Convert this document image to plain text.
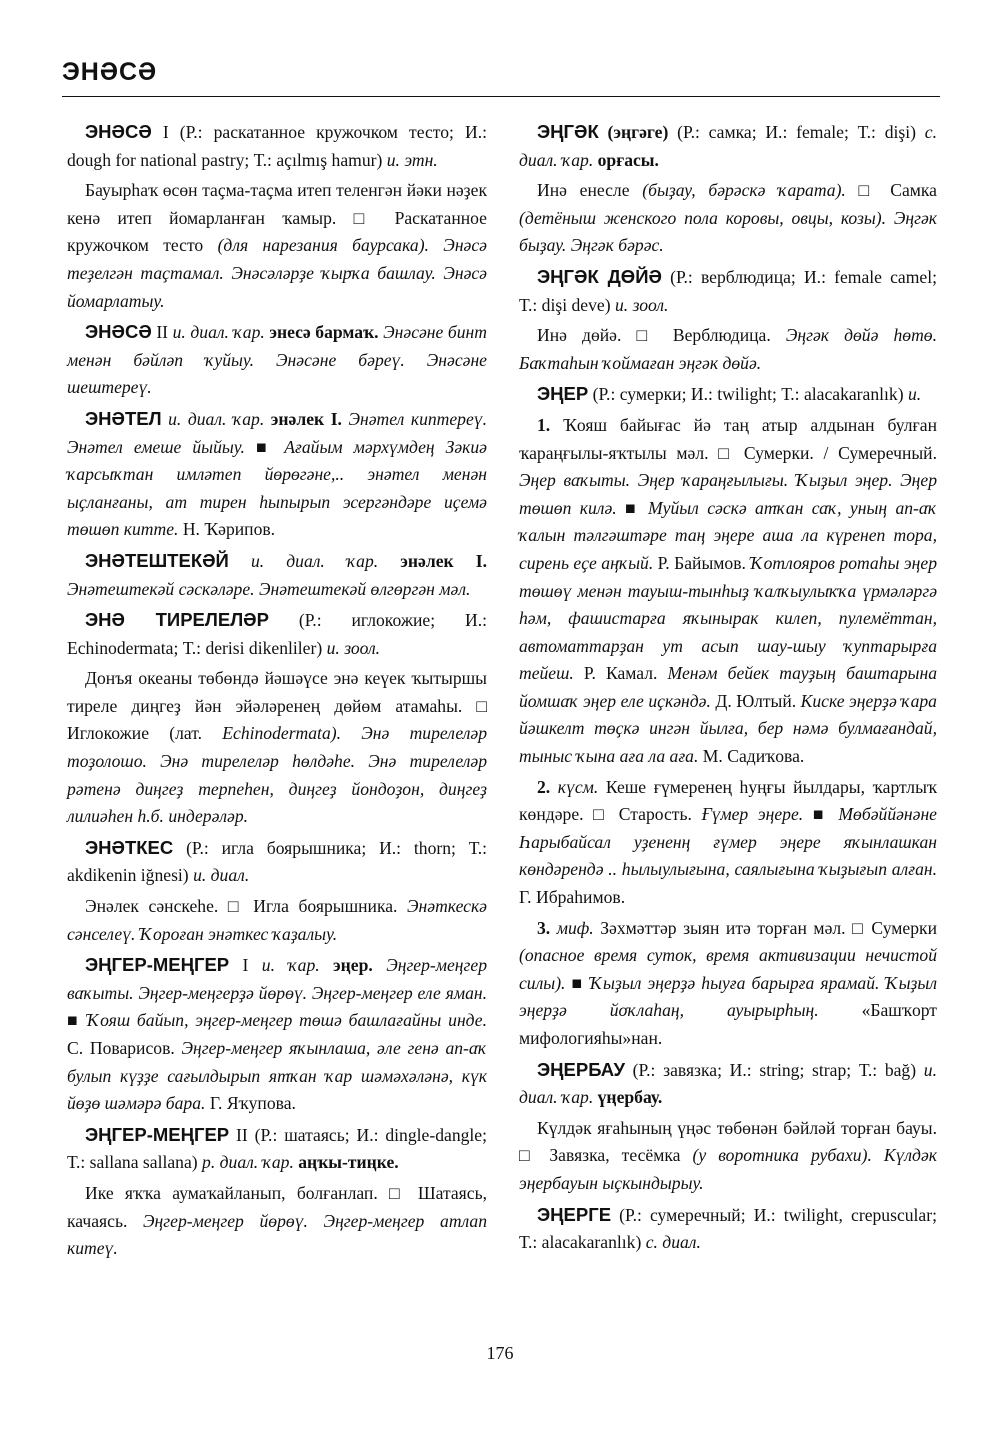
ЭНӘСӘ

ЭНӘСӘ I (Р.: раскатанное кружочком тесто; И.: dough for national pastry; Т.: açılmış hamur) и. этн.

Бауырһаҡ өсөн таҫма-таҫма итеп теленгән йәки нәҙек кенә итеп йомарланған ҡамыр. □ Раскатанное кружочком тесто (для нарезания баурсака). Энәсә теҙелгән таҫтамал. Энәсәләрҙе ҡырҡа башлау. Энәсә йомарлатыу.

ЭНӘСӘ II и. диал. ҡар. энесә бармаҡ. Энәсәне бинт менән бәйләп ҡуйыу. Энәсәне бәреү. Энәсәне шештереү.

ЭНӘТЕЛ и. диал. ҡар. энәлек I. Энәтел киптереү. Энәтел емеше йыйыу. ■ Ағайым мәрхүмдең Зәкиә ҡарсыҡтан имләтеп йөрөгәне,.. энәтел менән ыҫланғаны, ат тирен һыпырып эсергәндәре иҫемә төшөп китте. Н. Ҡәрипов.

ЭНӘТЕШТЕКӘЙ и. диал. ҡар. энәлек I. Энәтештекәй сәскәләре. Энәтештекәй өлгөргән мәл.

ЭНӘ ТИРЕЛЕЛӘР (Р.: иглокожие; И.: Echinodermata; Т.: derisi dikenliler) и. зоол.

Донъя океаны төбөндә йәшәүсе энә кеүек ҡытыршы тиреле диңгеҙ йән эйәләренең дөйөм атамаһы. □ Иглокожие (лат. Echinodermata). Энә тирелеләр тоҙолошо. Энә тирелеләр һөлдәһе. Энә тирелеләр рәтенә диңгеҙ терпеһен, диңгеҙ йондоҙон, диңгеҙ лилиәһен һ.б. индерәләр.

ЭНӘТКЕС (Р.: игла боярышника; И.: thorn; Т.: akdikenin iğnesi) и. диал.

Энәлек сәнскеһе. □ Игла боярышника. Энәткескә сәнселеү. Ҡороған энәткес ҡаҙалыу.

ЭҢГЕР-МЕҢГЕР I и. ҡар. эңер. Эңгер-меңгер ваҡыты. Эңгер-меңгерҙә йөрөү. Эңгер-меңгер еле яман. ■ Ҡояш байып, эңгер-меңгер төшә башлағайны инде. С. Поварисов. Эңгер-меңгер яҡынлаша, әле генә ап-аҡ булып күҙҙе сағылдырып ятҡан ҡар шәмәхәләнә, күк йөҙө шәмәрә бара. Г. Яҡупова.

ЭҢГЕР-МЕҢГЕР II (Р.: шатаясь; И.: dingle-dangle; Т.: sallana sallana) р. диал. ҡар. аңҡы-тиңке.

Ике яҡҡа аумаҡайланып, болғанлап. □ Шатаясь, качаясь. Эңгер-меңгер йөрөү. Эңгер-меңгер атлап китеү.

ЭҢГӘК (эңгәге) (Р.: самка; И.: female; Т.: dişi) с. диал. ҡар. орғасы.

Инә енесле (быҙау, бәрәскә ҡарата). □ Самка (детёныш женского пола коровы, овцы, козы). Эңгәк быҙау. Эңгәк бәрәс.

ЭҢГӘК ДӨЙӘ (Р.: верблюдица; И.: female camel; Т.: dişi deve) и. зоол.

Инә дөйә. □ Верблюдица. Эңгәк дөйә һөтө. Баҡтаһын ҡоймаған эңгәк дөйә.

ЭҢЕР (Р.: сумерки; И.: twilight; Т.: alacakaranlık) и.

1. Ҡояш байығас йә таң атыр алдынан булған ҡараңғылы-яҡтылы мәл. □ Сумерки. / Сумеречный. Эңер ваҡыты. Эңер ҡараңғылығы. Ҡыҙыл эңер. Эңер төшөп килә. ■ Муйыл сәскә атҡан саҡ, уның ап-аҡ ҡалын тәлгәштәре таң эңере аша ла күренеп тора, сирень еҫе аңҡый. Р. Байымов. Ҡотлояров ротаһы эңер төшөү менән тауыш-тынһыҙ ҡалҡыулыҡҡа үрмәләргә һәм, фашистарға яҡынырак килеп, пулемёттан, автоматтарҙан ут асып шау-шыу ҡуптарырға тейеш. Р. Камал. Менәм бейек тауҙың баштарына йомшаҡ эңер еле иҫкәндә. Д. Юлтый. Киске эңерҙә ҡара йәшкелт төҫкә ингән йылға, бер нәмә булмағандай, тыныс ҡына аға ла аға. М. Садиҡова.

2. күсм. Кеше ғүмеренең һуңғы йылдары, ҡартлыҡ көндәре. □ Старость. Ғүмер эңере. ■ Мөбәййәнәне Һарыбайсал уҙененң ғүмер эңере яҡынлашкан көндәрендә .. һылыулығына, саялығына ҡыҙығып алған. Г. Ибраһимов.

3. миф. Зәхмәттәр зыян итә торған мәл. □ Сумерки (опасное время суток, время активизации нечистой силы). ■ Ҡыҙыл эңерҙә һыуға барырға ярамай. Ҡыҙыл эңерҙә йоҡлаһаң, ауырырһың. «Башҡорт мифологияһы»нан.

ЭҢЕРБАУ (Р.: завязка; И.: string; strap; Т.: bağ) и. диал. ҡар. үңербау.

Күлдәк яғаһының үңәс төбөнән бәйләй торған бауы. □ Завязка, тесёмка (у воротника рубахи). Күлдәк эңербауын ыҫкындырыу.

ЭҢЕРГЕ (Р.: сумеречный; И.: twilight, crepuscular; Т.: alacakaranlık) с. диал.

176
